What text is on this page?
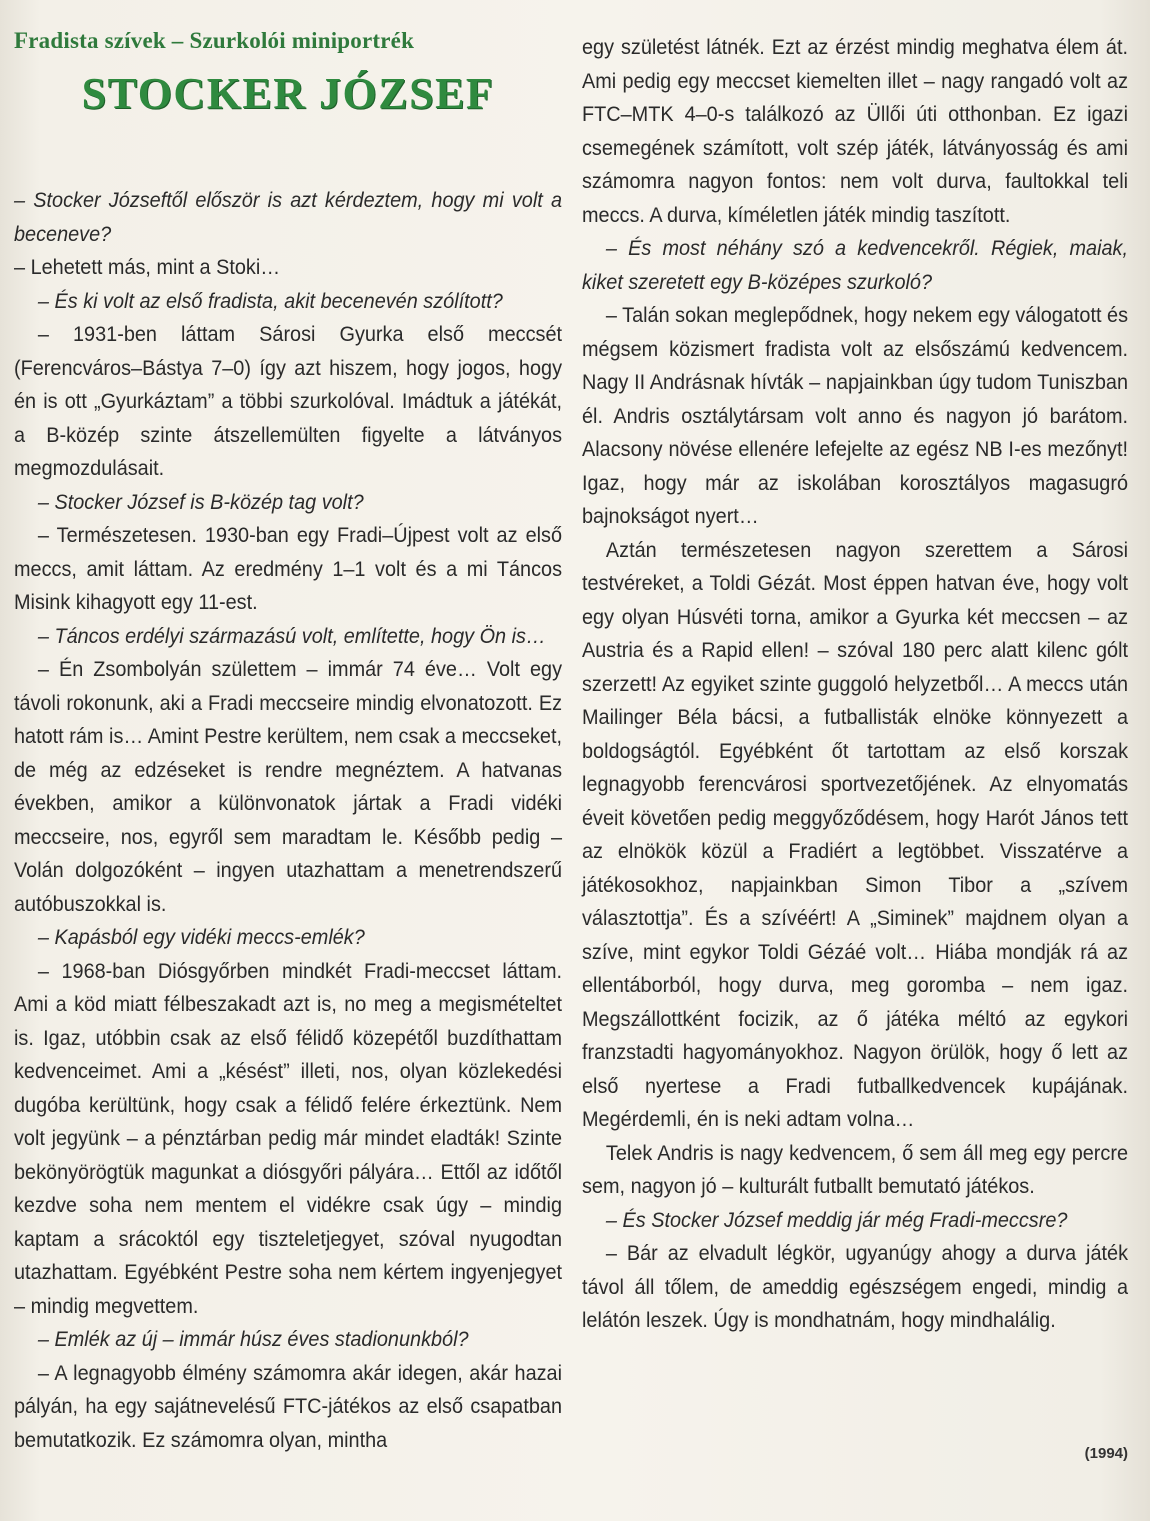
Fradista szívek – Szurkolói miniportrék
STOCKER JÓZSEF

– Stocker Józseftől először is azt kérdeztem, hogy mi volt a beceneve?

– Lehetett más, mint a Stoki…

– És ki volt az első fradista, akit becenevén szólított?

– 1931-ben láttam Sárosi Gyurka első meccsét (Ferencváros–Bástya 7–0) így azt hiszem, hogy jogos, hogy én is ott „Gyurkáztam” a többi szurkolóval. Imádtuk a játékát, a B-közép szinte átszellemülten figyelte a látványos megmozdulásait.

– Stocker József is B-közép tag volt?

– Természetesen. 1930-ban egy Fradi–Újpest volt az első meccs, amit láttam. Az eredmény 1–1 volt és a mi Táncos Misink kihagyott egy 11-est.

– Táncos erdélyi származású volt, említette, hogy Ön is…

– Én Zsombolyán születtem – immár 74 éve… Volt egy távoli rokonunk, aki a Fradi meccseire mindig elvonatozott. Ez hatott rám is… Amint Pestre kerültem, nem csak a meccseket, de még az edzéseket is rendre megnéztem. A hatvanas években, amikor a különvonatok jártak a Fradi vidéki meccseire, nos, egyről sem maradtam le. Később pedig – Volán dolgozóként – ingyen utazhattam a menetrendszerű autóbuszokkal is.

– Kapásból egy vidéki meccs-emlék?

– 1968-ban Diósgyőrben mindkét Fradi-meccset láttam. Ami a köd miatt félbeszakadt azt is, no meg a megismételtet is. Igaz, utóbbin csak az első félidő közepétől buzdíthattam kedvenceimet. Ami a „késést” illeti, nos, olyan közlekedési dugóba kerültünk, hogy csak a félidő felére érkeztünk. Nem volt jegyünk – a pénztárban pedig már mindet eladták! Szinte bekönyörögtük magunkat a diósgyőri pályára… Ettől az időtől kezdve soha nem mentem el vidékre csak úgy – mindig kaptam a srácoktól egy tiszteletjegyet, szóval nyugodtan utazhattam. Egyébként Pestre soha nem kértem ingyenjegyet – mindig megvettem.

– Emlék az új – immár húsz éves stadionunkból?

– A legnagyobb élmény számomra akár idegen, akár hazai pályán, ha egy sajátnevelésű FTC-játékos az első csapatban bemutatkozik. Ez számomra olyan, mintha

egy születést látnék. Ezt az érzést mindig meghatva élem át. Ami pedig egy meccset kiemelten illet – nagy rangadó volt az FTC–MTK 4–0-s találkozó az Üllői úti otthonban. Ez igazi csemegének számított, volt szép játék, látványosság és ami számomra nagyon fontos: nem volt durva, faultokkal teli meccs. A durva, kíméletlen játék mindig taszított.

– És most néhány szó a kedvencekről. Régiek, maiak, kiket szeretett egy B-középes szurkoló?

– Talán sokan meglepődnek, hogy nekem egy válogatott és mégsem közismert fradista volt az elsőszámú kedvencem. Nagy II Andrásnak hívták – napjainkban úgy tudom Tuniszban él. Andris osztálytársam volt anno és nagyon jó barátom. Alacsony növése ellenére lefejelte az egész NB I-es mezőnyt! Igaz, hogy már az iskolában korosztályos magasugró bajnokságot nyert…

Aztán természetesen nagyon szerettem a Sárosi testvéreket, a Toldi Gézát. Most éppen hatvan éve, hogy volt egy olyan Húsvéti torna, amikor a Gyurka két meccsen – az Austria és a Rapid ellen! – szóval 180 perc alatt kilenc gólt szerzett! Az egyiket szinte guggoló helyzetből… A meccs után Mailinger Béla bácsi, a futballisták elnöke könnyezett a boldogságtól. Egyébként őt tartottam az első korszak legnagyobb ferencvárosi sportvezetőjének. Az elnyomatás éveit követően pedig meggyőződésem, hogy Harót János tett az elnökök közül a Fradiért a legtöbbet. Visszatérve a játékosokhoz, napjainkban Simon Tibor a „szívem választottja”. És a szívéért! A „Siminek” majdnem olyan a szíve, mint egykor Toldi Gézáé volt… Hiába mondják rá az ellentáborból, hogy durva, meg goromba – nem igaz. Megszállottként focizik, az ő játéka méltó az egykori franzstadti hagyományokhoz. Nagyon örülök, hogy ő lett az első nyertese a Fradi futballkedvencek kupájának. Megérdemli, én is neki adtam volna…

Telek Andris is nagy kedvencem, ő sem áll meg egy percre sem, nagyon jó – kulturált futballt bemutató játékos.

– És Stocker József meddig jár még Fradi-meccsre?

– Bár az elvadult légkör, ugyanúgy ahogy a durva játék távol áll tőlem, de ameddig egészségem engedi, mindig a lelátón leszek. Úgy is mondhatnám, hogy mindhalálig.

(1994)
